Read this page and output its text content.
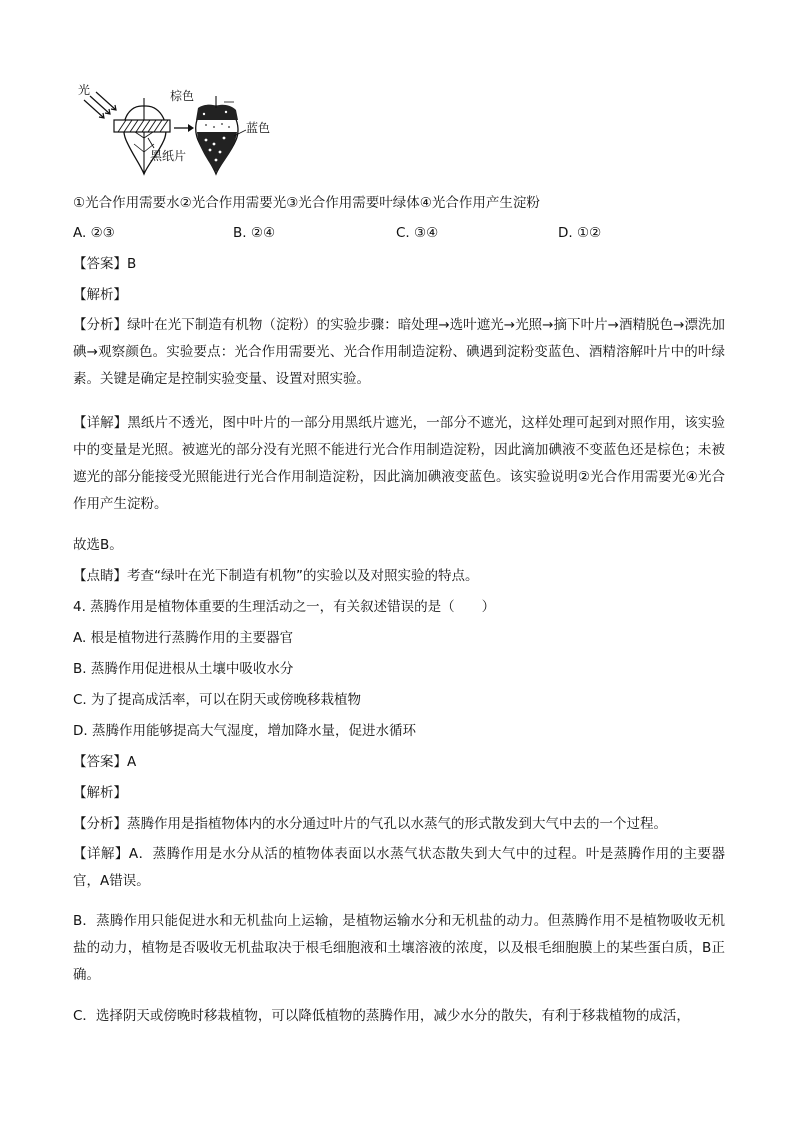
光
黑纸片
棕色
蓝色
①光合作用需要水②光合作用需要光③光合作用需要叶绿体④光合作用产生淀粉
A. ②③	B. ②④	C. ③④	D. ①②
【答案】B
【解析】
【分析】绿叶在光下制造有机物（淀粉）的实验步骤：暗处理→选叶遮光→光照→摘下叶片→酒精脱色→漂洗加碘→观察颜色。实验要点：光合作用需要光、光合作用制造淀粉、碘遇到淀粉变蓝色、酒精溶解叶片中的叶绿素。关键是确定是控制实验变量、设置对照实验。
【详解】黑纸片不透光，图中叶片的一部分用黑纸片遮光，一部分不遮光，这样处理可起到对照作用，该实验中的变量是光照。被遮光的部分没有光照不能进行光合作用制造淀粉，因此滴加碘液不变蓝色还是棕色；未被遮光的部分能接受光照能进行光合作用制造淀粉，因此滴加碘液变蓝色。该实验说明②光合作用需要光④光合作用产生淀粉。
故选B。
【点睛】考查“绿叶在光下制造有机物”的实验以及对照实验的特点。
4. 蒸腾作用是植物体重要的生理活动之一，有关叙述错误的是（　　）
A. 根是植物进行蒸腾作用的主要器官
B. 蒸腾作用促进根从土壤中吸收水分
C. 为了提高成活率，可以在阴天或傍晚移栽植物
D. 蒸腾作用能够提高大气湿度，增加降水量，促进水循环
【答案】A
【解析】
【分析】蒸腾作用是指植物体内的水分通过叶片的气孔以水蒸气的形式散发到大气中去的一个过程。
【详解】A．蒸腾作用是水分从活的植物体表面以水蒸气状态散失到大气中的过程。叶是蒸腾作用的主要器官，A错误。
B．蒸腾作用只能促进水和无机盐向上运输，是植物运输水分和无机盐的动力。但蒸腾作用不是植物吸收无机盐的动力，植物是否吸收无机盐取决于根毛细胞液和土壤溶液的浓度，以及根毛细胞膜上的某些蛋白质，B正确。
C．选择阴天或傍晚时移栽植物，可以降低植物的蒸腾作用，减少水分的散失，有利于移栽植物的成活，
